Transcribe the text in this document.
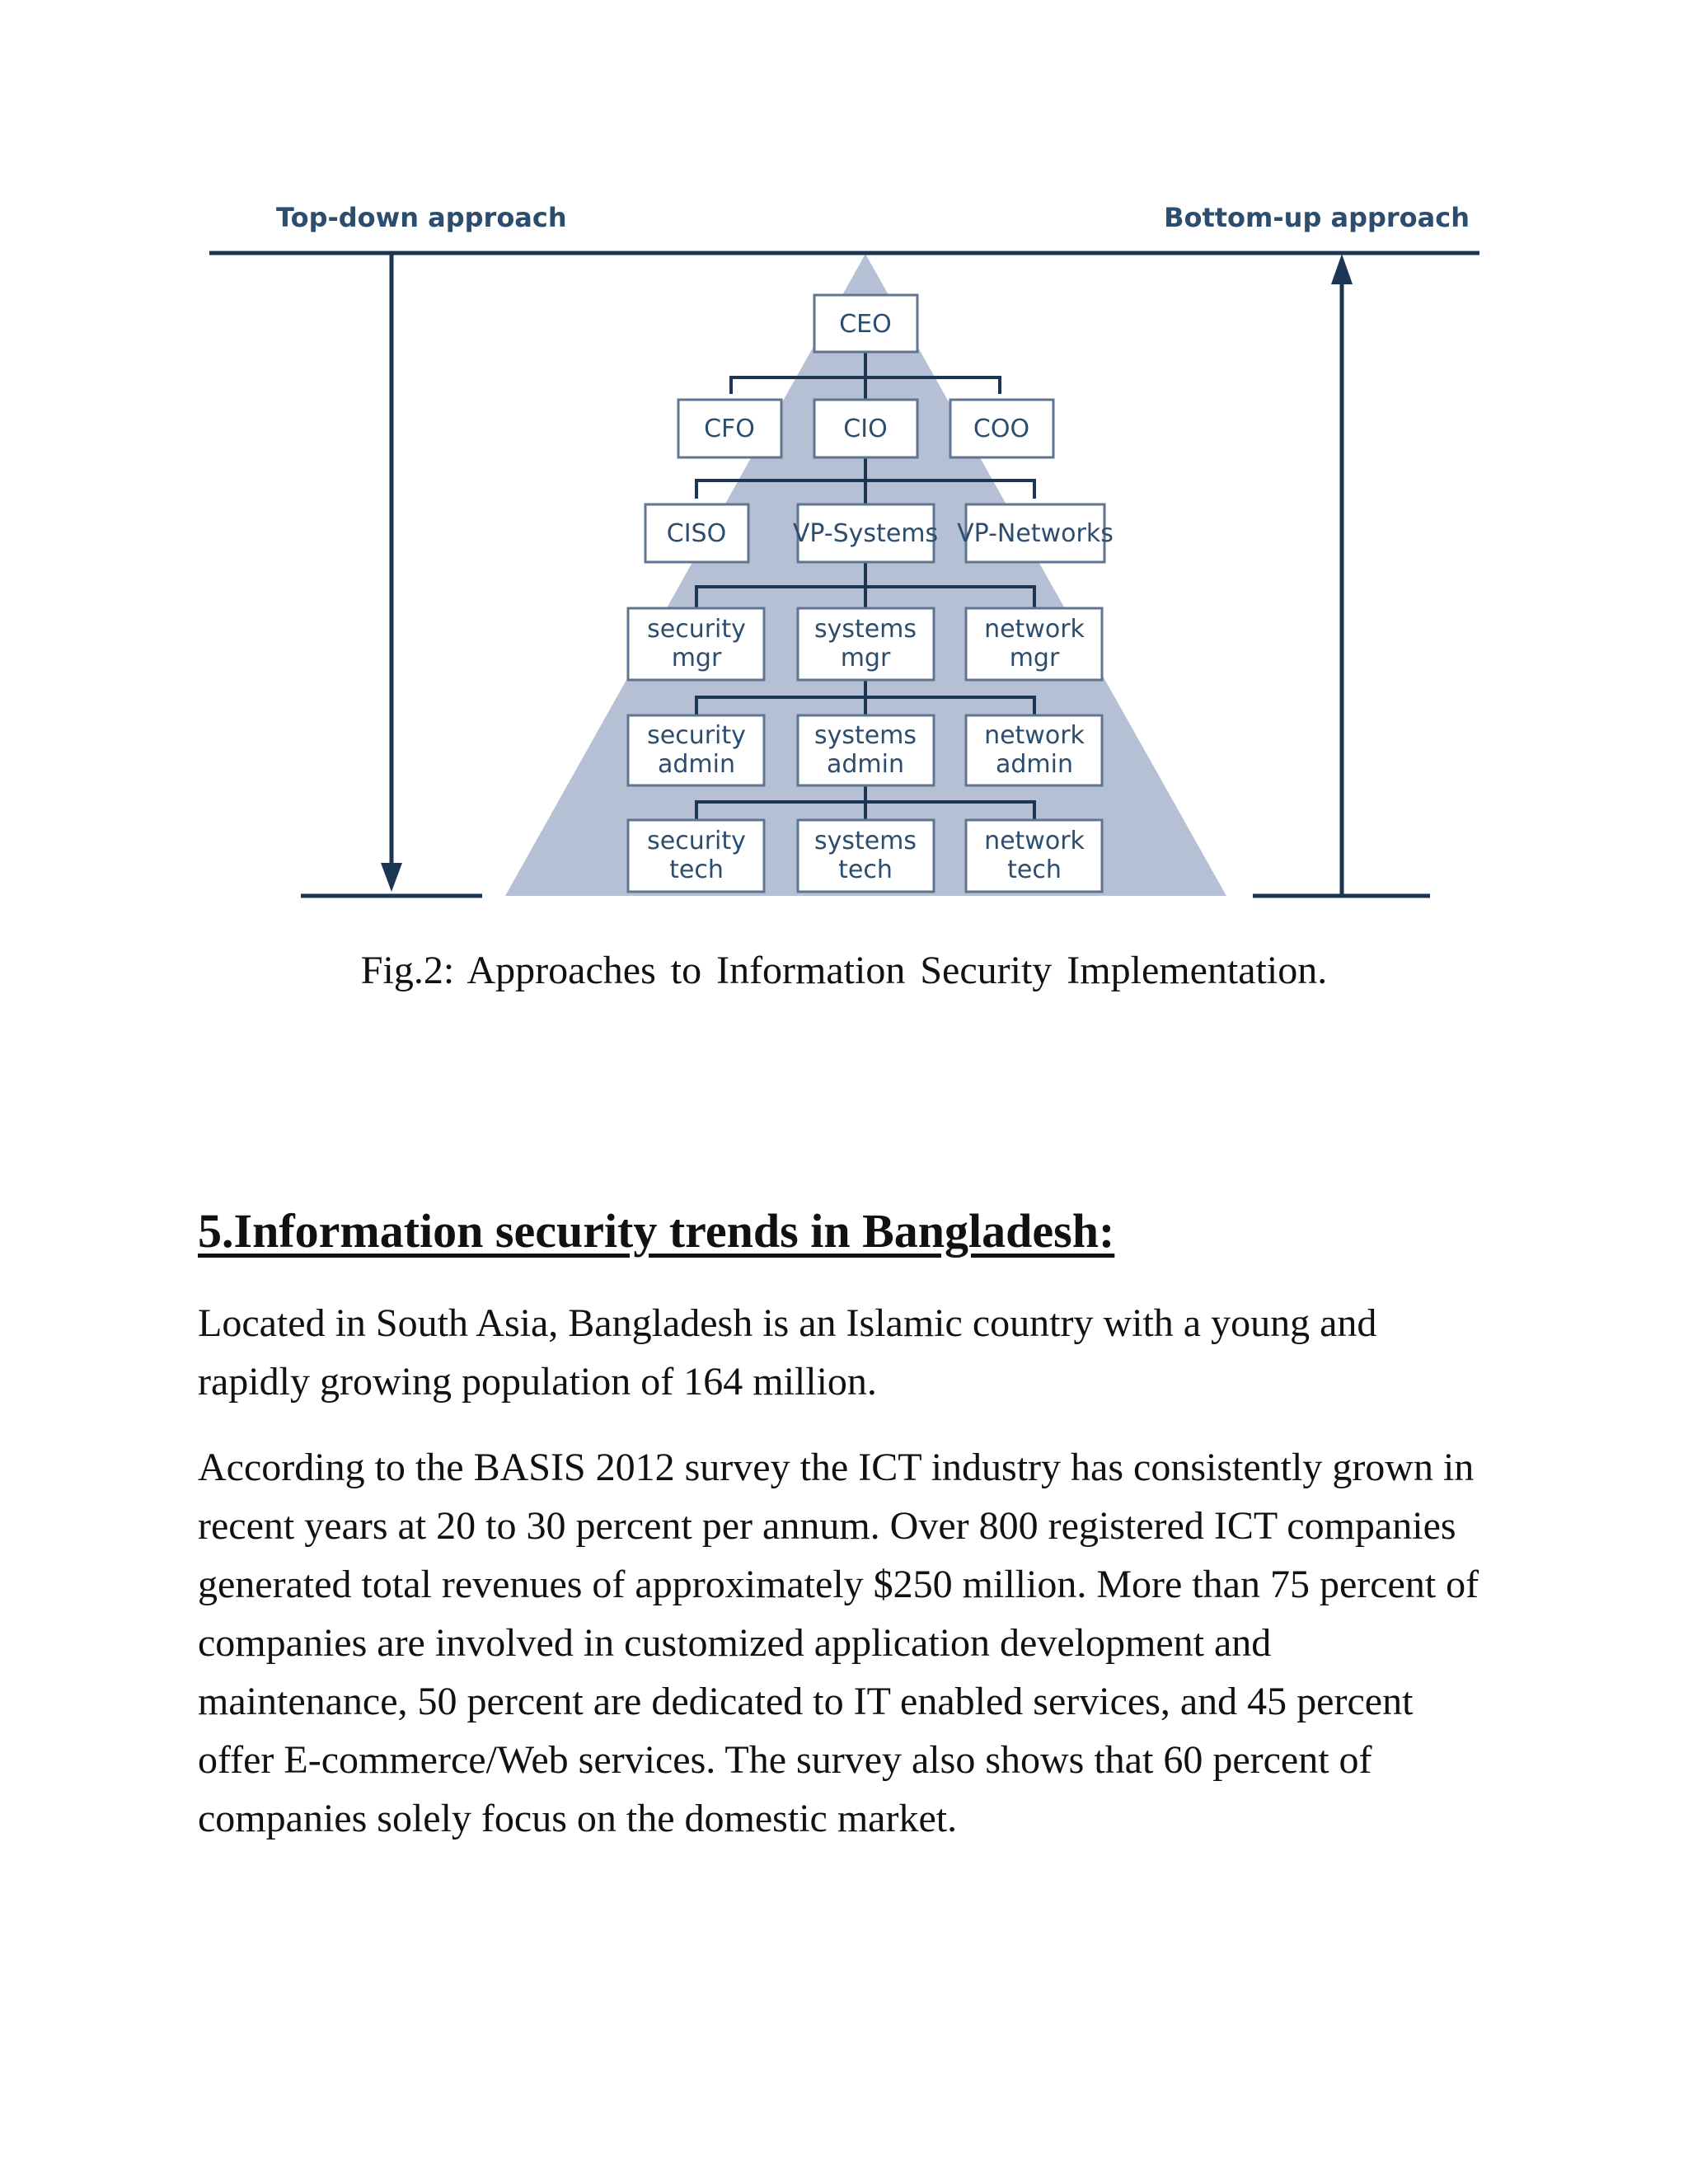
Top-down approach	Bottom-up approach
CEO
CFO	CIO	COO
CISO	VP-Systems VP-Networks
security
mgr
systems
mgr
network
mgr
security
admin
systems
admin
network
admin
security
tech
systems
tech
network
tech
Fig.2: Approaches to Information Security Implementation.
5.Information security trends in Bangladesh:

Located in South Asia, Bangladesh is an Islamic country with a young and rapidly growing population of 164 million.

According to the BASIS 2012 survey the ICT industry has consistently grown in recent years at 20 to 30 percent per annum. Over 800 registered ICT companies generated total revenues of approximately $250 million. More than 75 percent of companies are involved in customized application development and maintenance, 50 percent are dedicated to IT enabled services, and 45 percent offer E-commerce/Web services. The survey also shows that 60 percent of companies solely focus on the domestic market.
